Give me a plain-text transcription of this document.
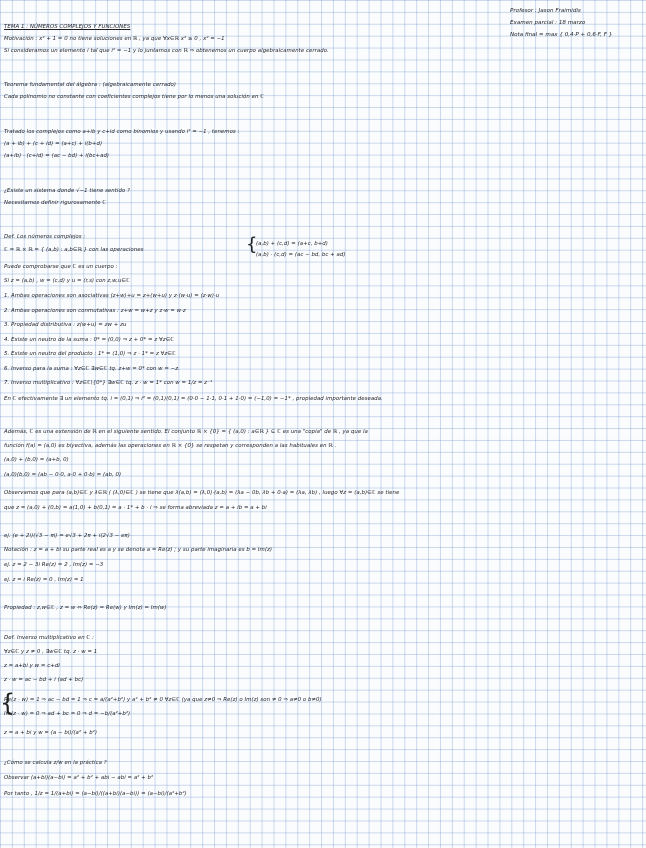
Profesor : Jason Fraimidis
Examen parcial : 18 marzo
Nota final = max { 0,4·P + 0,6·F, F }
TEMA 1 : NÚMEROS COMPLEJOS Y FUNCIONES
Motivación : x² + 1 = 0 no tiene soluciones en ℝ , ya que ∀x∈ℝ x² ≥ 0 , x² = −1
Si consideramos un elemento i tal que i² = −1 y lo juntamos con ℝ ⇒ obtenemos un cuerpo algebraicamente cerrado.
Teorema fundamental del álgebra : (algebraicamente cerrado)
Cada polinomio no constante con coeficientes complejos tiene por lo menos una solución en ℂ
Tratado los complejos como a+ib y c+id como binomios y usando i² = −1 , tenemos :
(a + ib) + (c + id) = (a+c) + i(b+d)
(a+ib) · (c+id) = (ac − bd) + i(bc+ad)
¿Existe un sistema donde √−1 tiene sentido ?
Necesitamos definir rigurosamente ℂ
Def. Los números complejos :
ℂ = ℝ × ℝ = { (a,b) : a,b∈ℝ } con las operaciones
Puede comprobarse que ℂ es un cuerpo :
Si z = (a,b) , w = (c,d) y u = (r,s) con z,w,u∈ℂ
1. Ambas operaciones son asociativas (z+w)+u = z+(w+u) y z·(w·u) = (z·w)·u
2. Ambas operaciones son conmutativas : z+w = w+z y z·w = w·z
3. Propiedad distributiva : z(w+u) = zw + zu
4. Existe un neutro de la suma : 0* = (0,0) ⇒ z + 0* = z ∀z∈ℂ
5. Existe un neutro del producto : 1* = (1,0) ⇒ z · 1* = z ∀z∈ℂ
6. Inverso para la suma : ∀z∈ℂ ∃w∈ℂ tq. z+w = 0* con w = −z.
7. Inverso multiplicativo : ∀z∈ℂ\{0*} ∃w∈ℂ tq. z · w = 1* con w = 1/z = z⁻¹
En ℂ efectivamente ∃ un elemento tq. i = (0,1) ⇒ i² = (0,1)(0,1) = (0·0 − 1·1, 0·1 + 1·0) = (−1,0) = −1* , propiedad importante deseada.
Además, ℂ es una extensión de ℝ en el siguiente sentido. El conjunto ℝ × {0} = { (a,0) : a∈ℝ } ⊆ ℂ es una "copia" de ℝ , ya que la
función f(a) = (a,0) es biyectiva, además las operaciones en ℝ × {0} se respetan y corresponden a las habituales en ℝ .
(a,0) + (b,0) = (a+b, 0)
(a,0)(b,0) = (ab − 0·0, a·0 + 0·b) = (ab, 0)
Observamos que para (a,b)∈ℂ y λ∈ℝ ( (λ,0)∈ℂ ) se tiene que λ(a,b) = (λ,0)·(a,b) = (λa − 0b, λb + 0·a) = (λa, λb) , luego ∀z = (a,b)∈ℂ se tiene
que z = (a,0) + (0,b) = a(1,0) + b(0,1) = a · 1* + b · i ⇒ se forma abreviada z = a + ib = a + bi
ej. (e + 2i)(√3 − πi) = e√3 + 2π + i(2√3 − eπ)
Notación : z = a + bi su parte real es a y se denota a = Re(z) ; y su parte imaginaria es b = Im(z)
ej. z = 2 − 3i Re(z) = 2 , Im(z) = −3
ej. z = i Re(z) = 0 , Im(z) = 1
Propiedad : z,w∈ℂ , z = w ⇔ Re(z) = Re(w) y Im(z) = Im(w)
Def. Inverso multiplicativo en ℂ :
∀z∈ℂ y z ≠ 0 , ∃w∈ℂ tq. z · w = 1
z = a+bi y w = c+di
z · w = ac − bd + i (ad + bc)
Re(z · w) = 1 ⇒ ac − bd = 1 ⇒ c = a/(a²+b²) y a² + b² ≠ 0 ∀z∈ℂ (ya que z≠0 ⇒ Re(z) o Im(z) son ≠ 0 ⇒ a≠0 o b≠0)
Im(z · w) = 0 ⇒ ad + bc = 0 ⇒ d = −b/(a²+b²)
z = a + bi y w = (a − bi)/(a² + b²)
¿Cómo se calcula z/w en la práctica ?
Observar (a+bi)(a−bi) = a² + b² + abi − abi = a² + b²
Por tanto , 1/z = 1/(a+bi) = (a−bi)/((a+bi)(a−bi)) = (a−bi)/(a²+b²)
{
(a,b) + (c,d) = (a+c, b+d)
(a,b) · (c,d) = (ac − bd, bc + ad)
{
